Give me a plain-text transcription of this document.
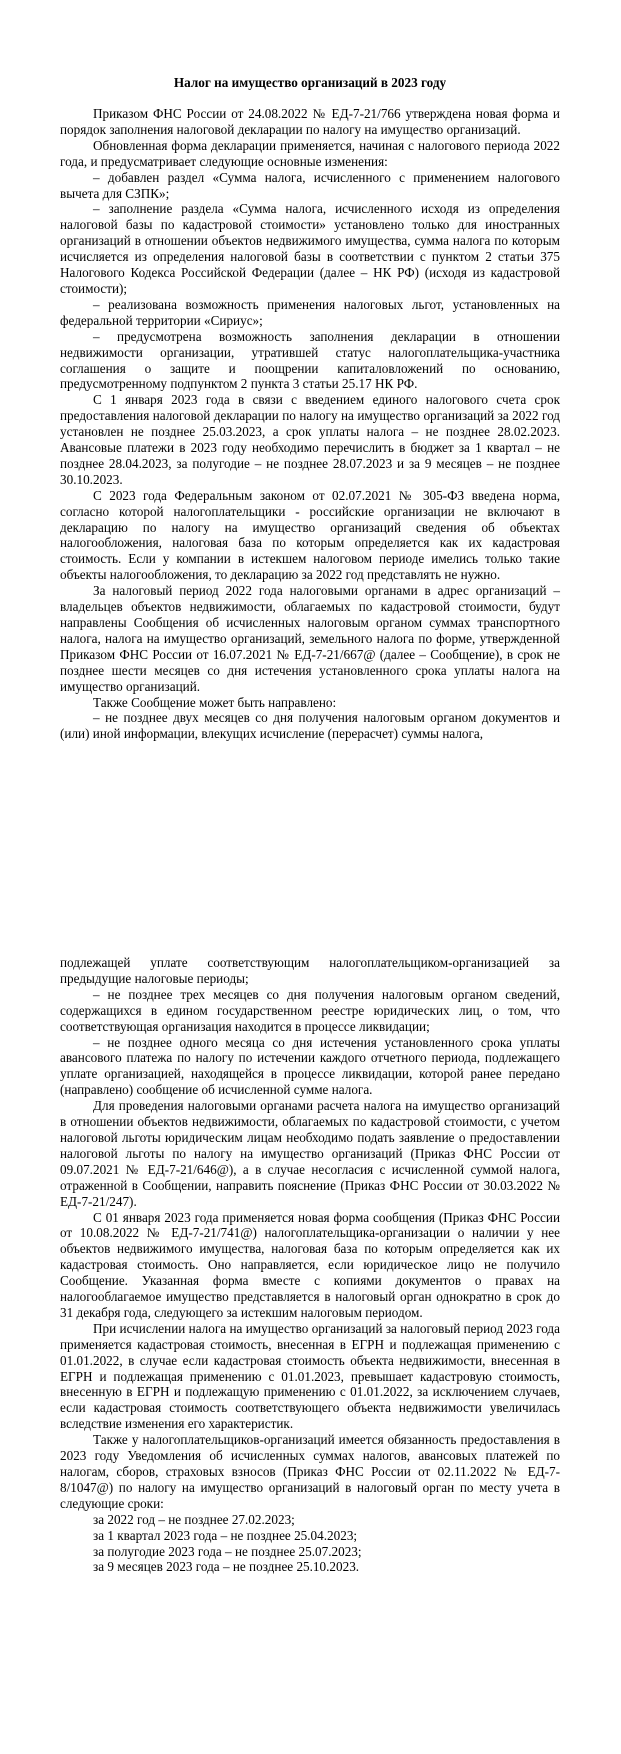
Налог на имущество организаций в 2023 году

Приказом ФНС России от 24.08.2022 № ЕД-7-21/766 утверждена новая форма и порядок заполнения налоговой декларации по налогу на имущество организаций.

Обновленная форма декларации применяется, начиная с налогового периода 2022 года, и предусматривает следующие основные изменения:

– добавлен раздел «Сумма налога, исчисленного с применением налогового вычета для СЗПК»;

– заполнение раздела «Сумма налога, исчисленного исходя из определения налоговой базы по кадастровой стоимости» установлено только для иностранных организаций в отношении объектов недвижимого имущества, сумма налога по которым исчисляется из определения налоговой базы в соответствии с пунктом 2 статьи 375 Налогового Кодекса Российской Федерации (далее – НК РФ) (исходя из кадастровой стоимости);

– реализована возможность применения налоговых льгот, установленных на федеральной территории «Сириус»;

– предусмотрена возможность заполнения декларации в отношении недвижимости организации, утратившей статус налогоплательщика-участника соглашения о защите и поощрении капиталовложений по основанию, предусмотренному подпунктом 2 пункта 3 статьи 25.17 НК РФ.

С 1 января 2023 года в связи с введением единого налогового счета срок предоставления налоговой декларации по налогу на имущество организаций за 2022 год установлен не позднее 25.03.2023, а срок уплаты налога – не позднее 28.02.2023. Авансовые платежи в 2023 году необходимо перечислить в бюджет за 1 квартал – не позднее 28.04.2023, за полугодие – не позднее 28.07.2023 и за 9 месяцев – не позднее 30.10.2023.

С 2023 года Федеральным законом от 02.07.2021 № 305-ФЗ введена норма, согласно которой налогоплательщики - российские организации не включают в декларацию по налогу на имущество организаций сведения об объектах налогообложения, налоговая база по которым определяется как их кадастровая стоимость. Если у компании в истекшем налоговом периоде имелись только такие объекты налогообложения, то декларацию за 2022 год представлять не нужно.

За налоговый период 2022 года налоговыми органами в адрес организаций – владельцев объектов недвижимости, облагаемых по кадастровой стоимости, будут направлены Сообщения об исчисленных налоговым органом суммах транспортного налога, налога на имущество организаций, земельного налога по форме, утвержденной Приказом ФНС России от 16.07.2021 № ЕД-7-21/667@ (далее – Сообщение), в срок не позднее шести месяцев со дня истечения установленного срока уплаты налога на имущество организаций.

Также Сообщение может быть направлено:

– не позднее двух месяцев со дня получения налоговым органом документов и (или) иной информации, влекущих исчисление (перерасчет) суммы налога,

подлежащей уплате соответствующим налогоплательщиком-организацией за предыдущие налоговые периоды;

– не позднее трех месяцев со дня получения налоговым органом сведений, содержащихся в едином государственном реестре юридических лиц, о том, что соответствующая организация находится в процессе ликвидации;

– не позднее одного месяца со дня истечения установленного срока уплаты авансового платежа по налогу по истечении каждого отчетного периода, подлежащего уплате организацией, находящейся в процессе ликвидации, которой ранее передано (направлено) сообщение об исчисленной сумме налога.

Для проведения налоговыми органами расчета налога на имущество организаций в отношении объектов недвижимости, облагаемых по кадастровой стоимости, с учетом налоговой льготы юридическим лицам необходимо подать заявление о предоставлении налоговой льготы по налогу на имущество организаций (Приказ ФНС России от 09.07.2021 № ЕД-7-21/646@), а в случае несогласия с исчисленной суммой налога, отраженной в Сообщении, направить пояснение (Приказ ФНС России от 30.03.2022 № ЕД-7-21/247).

С 01 января 2023 года применяется новая форма сообщения (Приказ ФНС России от 10.08.2022 № ЕД-7-21/741@) налогоплательщика-организации о наличии у нее объектов недвижимого имущества, налоговая база по которым определяется как их кадастровая стоимость. Оно направляется, если юридическое лицо не получило Сообщение. Указанная форма вместе с копиями документов о правах на налогооблагаемое имущество представляется в налоговый орган однократно в срок до 31 декабря года, следующего за истекшим налоговым периодом.

При исчислении налога на имущество организаций за налоговый период 2023 года применяется кадастровая стоимость, внесенная в ЕГРН и подлежащая применению с 01.01.2022, в случае если кадастровая стоимость объекта недвижимости, внесенная в ЕГРН и подлежащая применению с 01.01.2023, превышает кадастровую стоимость, внесенную в ЕГРН и подлежащую применению с 01.01.2022, за исключением случаев, если кадастровая стоимость соответствующего объекта недвижимости увеличилась вследствие изменения его характеристик.

Также у налогоплательщиков-организаций имеется обязанность предоставления в 2023 году Уведомления об исчисленных суммах налогов, авансовых платежей по налогам, сборов, страховых взносов (Приказ ФНС России от 02.11.2022 № ЕД-7-8/1047@) по налогу на имущество организаций в налоговый орган по месту учета в следующие сроки:

за 2022 год – не позднее 27.02.2023;

за 1 квартал 2023 года – не позднее 25.04.2023;

за полугодие 2023 года – не позднее 25.07.2023;

за 9 месяцев 2023 года – не позднее 25.10.2023.
